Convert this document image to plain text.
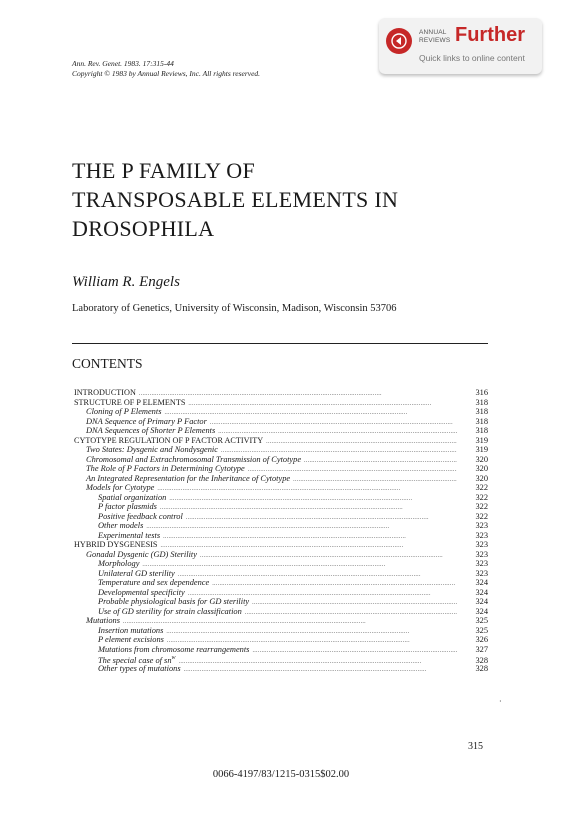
ANNUAL
REVIEWS Further
Quick links to online content
Ann. Rev. Genet. 1983. 17:315-44
Copyright © 1983 by Annual Reviews, Inc. All rights reserved.
THE P FAMILY OF
TRANSPOSABLE ELEMENTS IN
DROSOPHILA
William R. Engels
Laboratory of Genetics, University of Wisconsin, Madison, Wisconsin 53706
CONTENTS
INTRODUCTION . . .	316
STRUCTURE OF P ELEMENTS . . .	318
Cloning of P Elements . . .	318
DNA Sequence of Primary P Factor . . .	318
DNA Sequences of Shorter P Elements . . .	318
CYTOTYPE REGULATION OF P FACTOR ACTIVITY . . .	319
Two States: Dysgenic and Nondysgenic . . .	319
Chromosomal and Extrachromosomal Transmission of Cytotype . . .	320
The Role of P Factors in Determining Cytotype . . .	320
An Integrated Representation for the Inheritance of Cytotype . . .	320
Models for Cytotype . . .	322
Spatial organization . . .	322
P factor plasmids . . .	322
Positive feedback control . . .	322
Other models . . .	323
Experimental tests . . .	323
HYBRID DYSGENESIS . . .	323
Gonadal Dysgenic (GD) Sterility . . .	323
Morphology . . .	323
Unilateral GD sterility . . .	323
Temperature and sex dependence . . .	324
Developmental specificity . . .	324
Probable physiological basis for GD sterility . . .	324
Use of GD sterility for strain classification . . .	324
Mutations . . .	325
Insertion mutations . . .	325
P element excisions . . .	326
Mutations from chromosome rearrangements . . .	327
The special case of $sn^w$ . . .	328
Other types of mutations . . .	328
·
315
0066-4197/83/1215-0315$02.00
